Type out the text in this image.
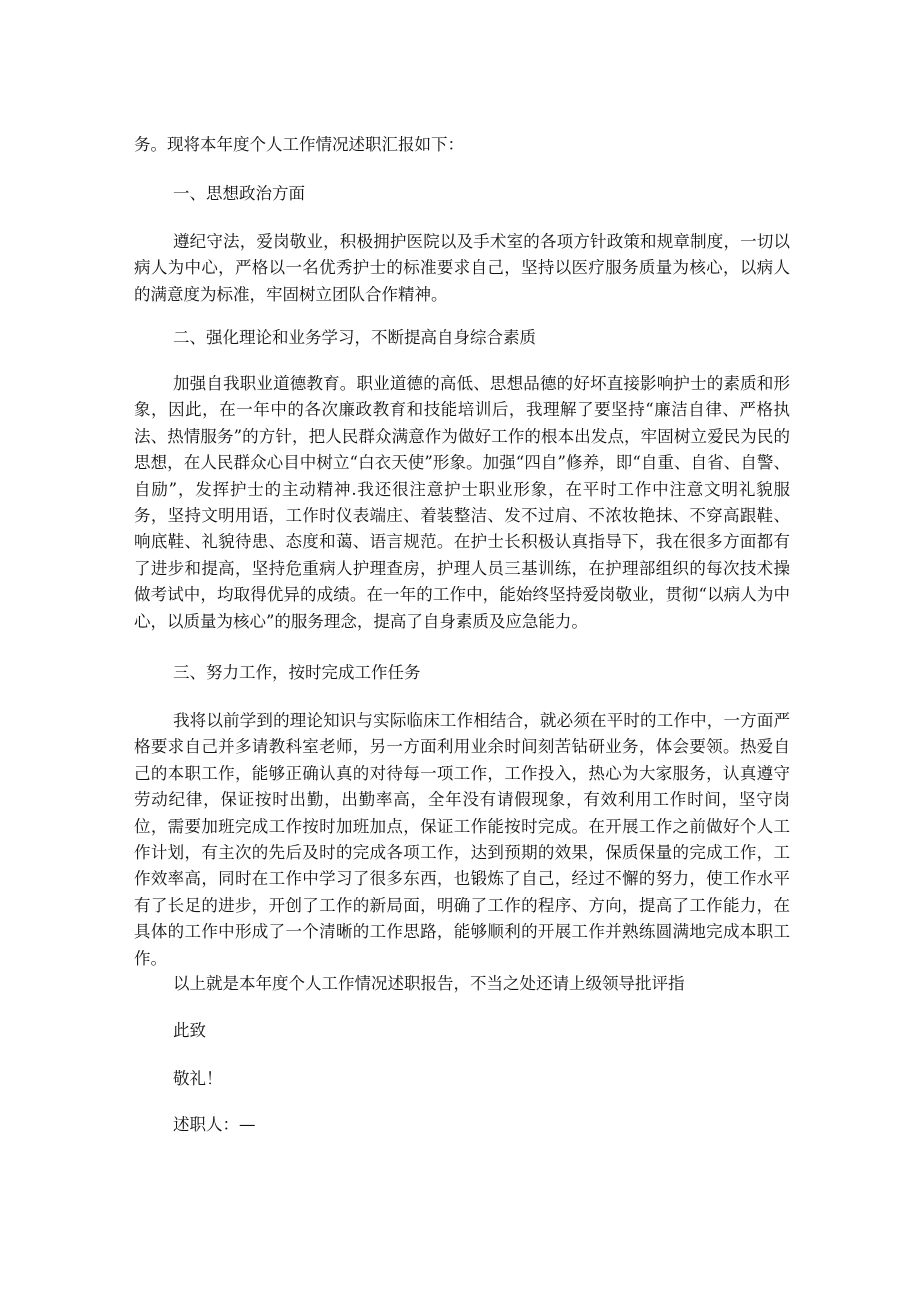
务。现将本年度个人工作情况述职汇报如下：

一、思想政治方面

遵纪守法，爱岗敬业，积极拥护医院以及手术室的各项方针政策和规章制度，一切以病人为中心，严格以一名优秀护士的标准要求自己，坚持以医疗服务质量为核心，以病人的满意度为标准，牢固树立团队合作精神。

二、强化理论和业务学习，不断提高自身综合素质

加强自我职业道德教育。职业道德的高低、思想品德的好坏直接影响护士的素质和形象，因此，在一年中的各次廉政教育和技能培训后，我理解了要坚持“廉洁自律、严格执法、热情服务”的方针，把人民群众满意作为做好工作的根本出发点，牢固树立爱民为民的思想，在人民群众心目中树立“白衣天使”形象。加强“四自”修养，即“自重、自省、自警、自励”，发挥护士的主动精神.我还很注意护士职业形象，在平时工作中注意文明礼貌服务，坚持文明用语，工作时仪表端庄、着装整洁、发不过肩、不浓妆艳抹、不穿高跟鞋、响底鞋、礼貌待患、态度和蔼、语言规范。在护士长积极认真指导下，我在很多方面都有了进步和提高，坚持危重病人护理查房，护理人员三基训练，在护理部组织的每次技术操做考试中，均取得优异的成绩。在一年的工作中，能始终坚持爱岗敬业，贯彻“以病人为中心，以质量为核心”的服务理念，提高了自身素质及应急能力。

三、努力工作，按时完成工作任务

我将以前学到的理论知识与实际临床工作相结合，就必须在平时的工作中，一方面严格要求自己并多请教科室老师，另一方面利用业余时间刻苦钻研业务，体会要领。热爱自己的本职工作，能够正确认真的对待每一项工作，工作投入，热心为大家服务，认真遵守劳动纪律，保证按时出勤，出勤率高，全年没有请假现象，有效利用工作时间，坚守岗位，需要加班完成工作按时加班加点，保证工作能按时完成。在开展工作之前做好个人工作计划，有主次的先后及时的完成各项工作，达到预期的效果，保质保量的完成工作，工作效率高，同时在工作中学习了很多东西，也锻炼了自己，经过不懈的努力，使工作水平有了长足的进步，开创了工作的新局面，明确了工作的程序、方向，提高了工作能力，在具体的工作中形成了一个清晰的工作思路，能够顺利的开展工作并熟练圆满地完成本职工作。

以上就是本年度个人工作情况述职报告，不当之处还请上级领导批评指

此致

敬礼！

述职人：—
